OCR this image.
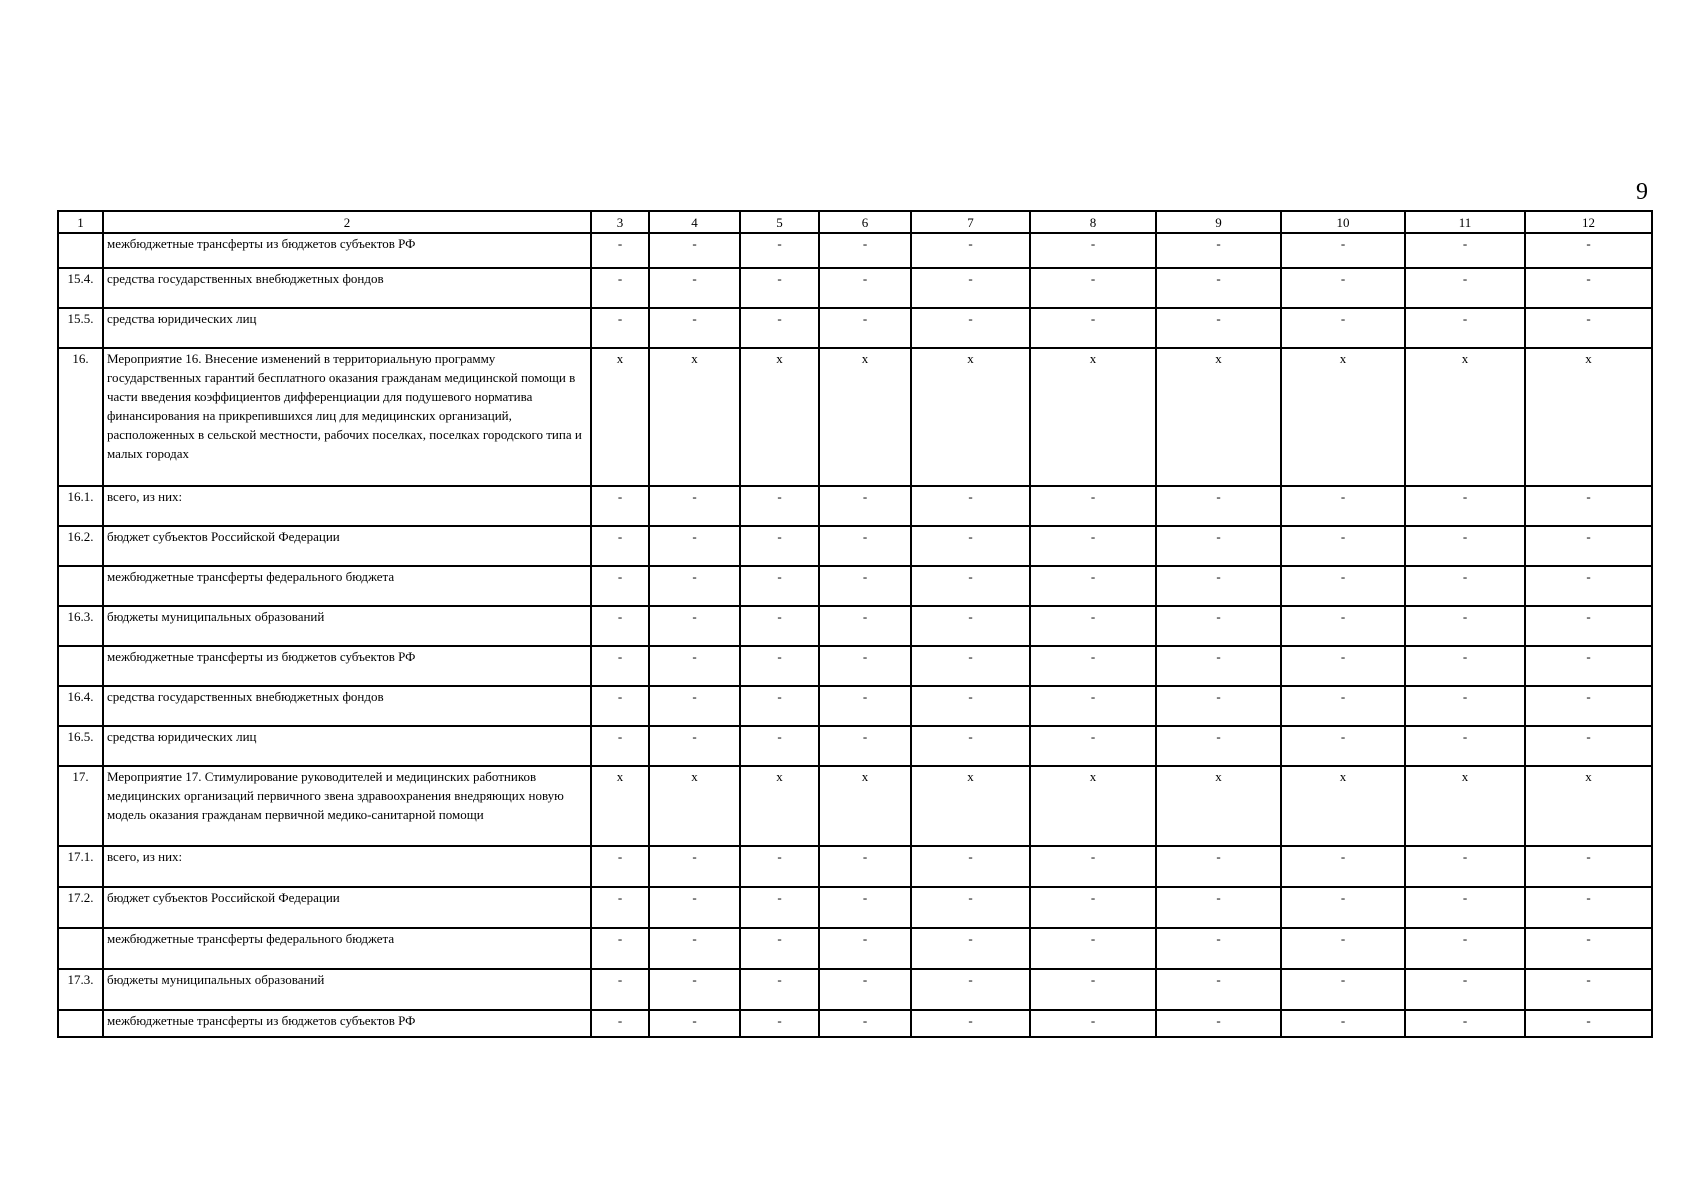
9
1	2	3	4	5	6	7	8	9	10	11	12
	межбюджетные трансферты из бюджетов субъектов РФ	-	-	-	-	-	-	-	-	-	-
15.4.	средства государственных внебюджетных фондов	-	-	-	-	-	-	-	-	-	-
15.5.	средства юридических лиц	-	-	-	-	-	-	-	-	-	-
16.	Мероприятие 16. Внесение изменений в территориальную программу государственных гарантий бесплатного оказания гражданам медицинской помощи в части введения коэффициентов дифференциации для подушевого норматива финансирования на прикрепившихся лиц для медицинских организаций, расположенных в сельской местности, рабочих поселках, поселках городского типа и малых городах	х	х	х	х	х	х	х	х	х	х
16.1.	всего, из них:	-	-	-	-	-	-	-	-	-	-
16.2.	бюджет субъектов Российской Федерации	-	-	-	-	-	-	-	-	-	-
	межбюджетные трансферты федерального бюджета	-	-	-	-	-	-	-	-	-	-
16.3.	бюджеты муниципальных образований	-	-	-	-	-	-	-	-	-	-
	межбюджетные трансферты из бюджетов субъектов РФ	-	-	-	-	-	-	-	-	-	-
16.4.	средства государственных внебюджетных фондов	-	-	-	-	-	-	-	-	-	-
16.5.	средства юридических лиц	-	-	-	-	-	-	-	-	-	-
17.	Мероприятие 17. Стимулирование руководителей и медицинских работников медицинских организаций первичного звена здравоохранения внедряющих новую модель оказания гражданам первичной медико-санитарной помощи	х	х	х	х	х	х	х	х	х	х
17.1.	всего, из них:	-	-	-	-	-	-	-	-	-	-
17.2.	бюджет субъектов Российской Федерации	-	-	-	-	-	-	-	-	-	-
	межбюджетные трансферты федерального бюджета	-	-	-	-	-	-	-	-	-	-
17.3.	бюджеты муниципальных образований	-	-	-	-	-	-	-	-	-	-
	межбюджетные трансферты из бюджетов субъектов РФ	-	-	-	-	-	-	-	-	-	-
